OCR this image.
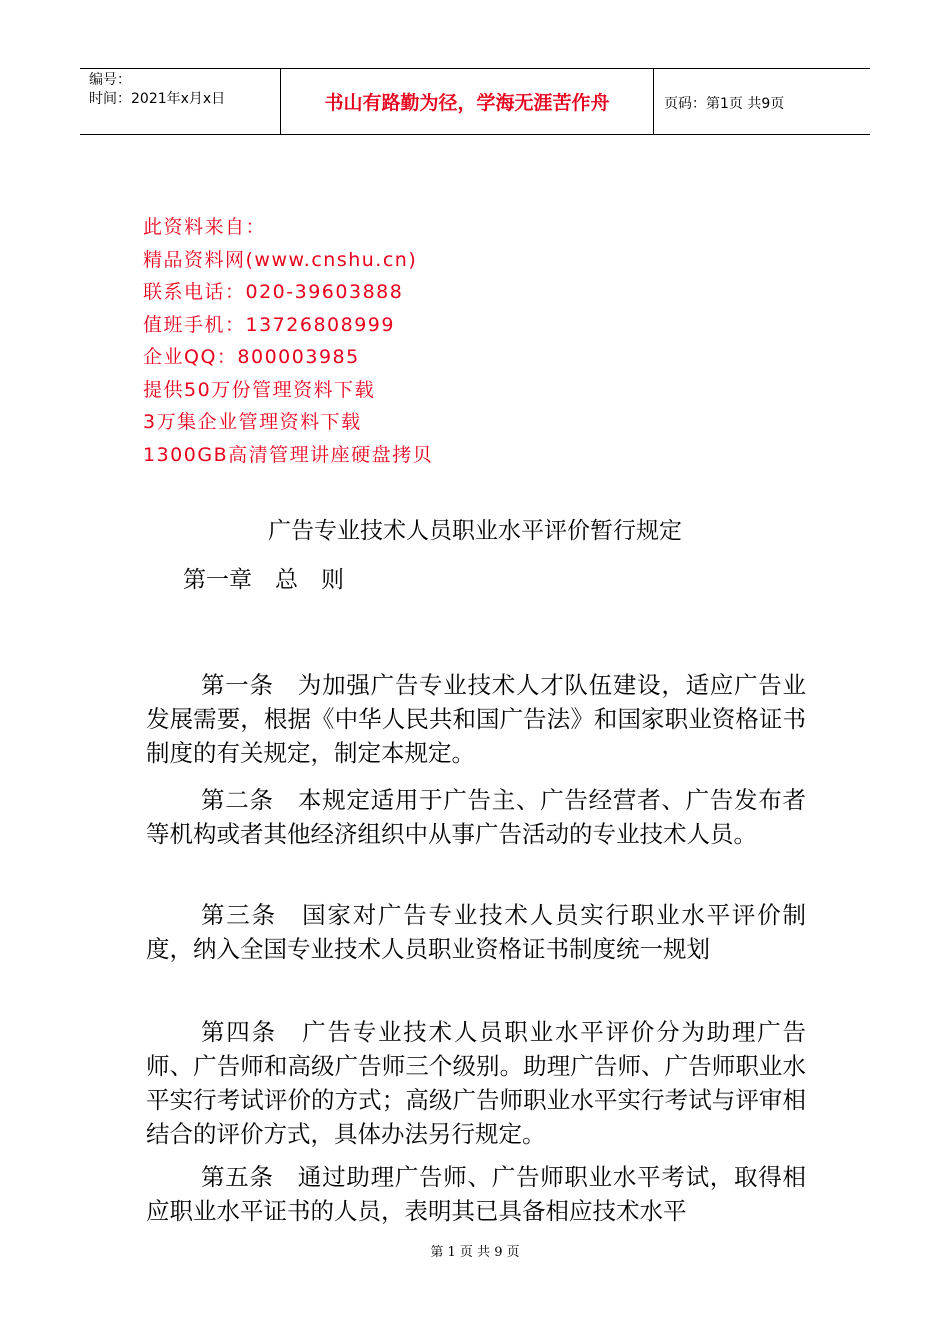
编号：
时间：2021年x月x日	书山有路勤为径，学海无涯苦作舟	页码：第1页 共9页
此资料来自：
精品资料网(www.cnshu.cn)
联系电话：020-39603888
值班手机：13726808999
企业QQ：800003985
提供50万份管理资料下载
3万集企业管理资料下载
1300GB高清管理讲座硬盘拷贝
广告专业技术人员职业水平评价暂行规定
第一章　总　则
第一条　为加强广告专业技术人才队伍建设，适应广告业发展需要，根据《中华人民共和国广告法》和国家职业资格证书制度的有关规定，制定本规定。
第二条　本规定适用于广告主、广告经营者、广告发布者等机构或者其他经济组织中从事广告活动的专业技术人员。
第三条　国家对广告专业技术人员实行职业水平评价制度，纳入全国专业技术人员职业资格证书制度统一规划
第四条　广告专业技术人员职业水平评价分为助理广告师、广告师和高级广告师三个级别。助理广告师、广告师职业水平实行考试评价的方式；高级广告师职业水平实行考试与评审相结合的评价方式，具体办法另行规定。
第五条　通过助理广告师、广告师职业水平考试，取得相应职业水平证书的人员，表明其已具备相应技术水平
第 1 页 共 9 页
